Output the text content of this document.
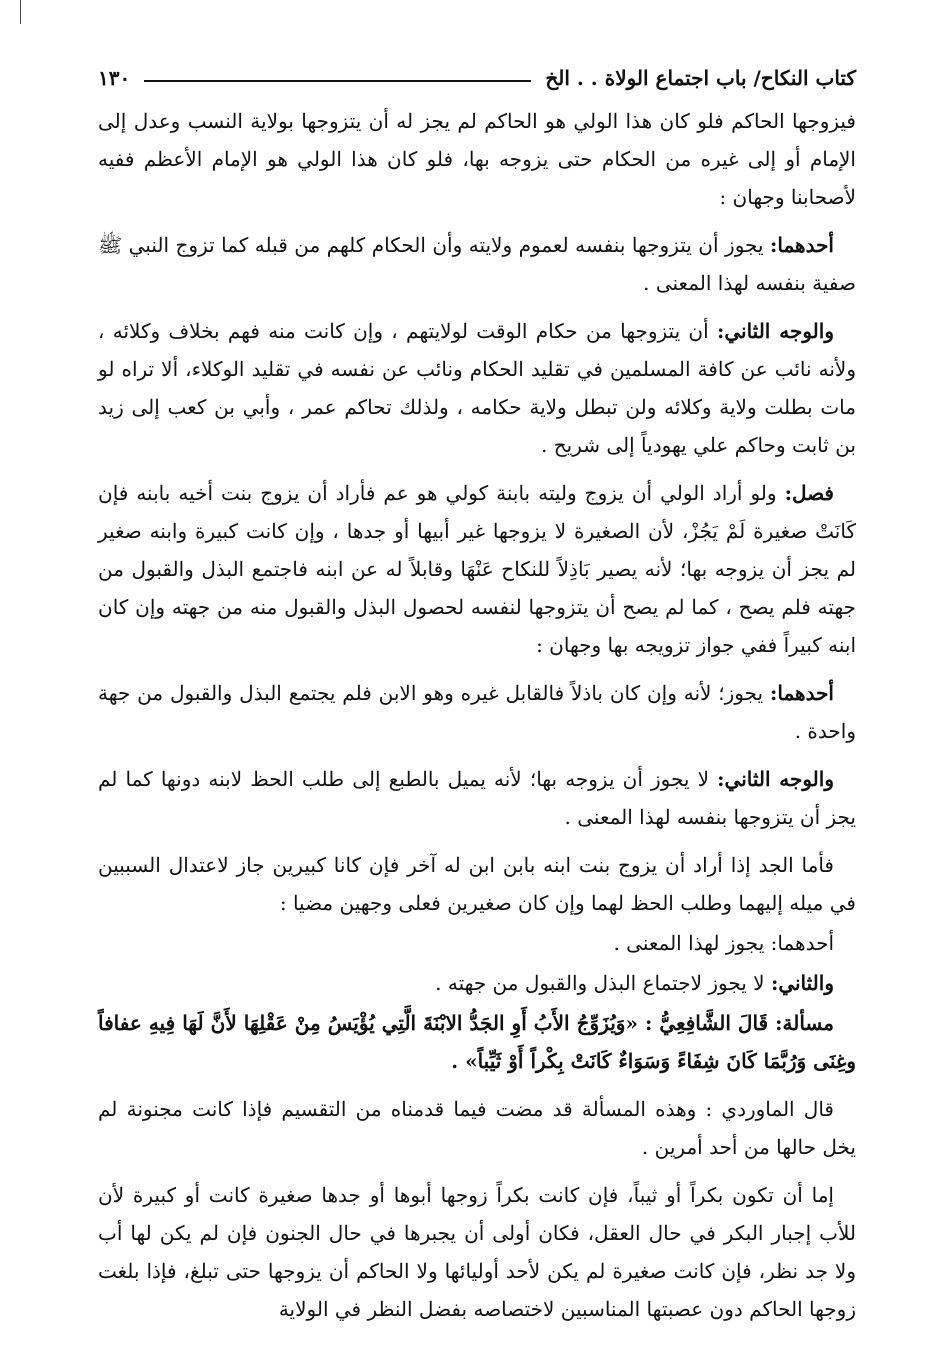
كتاب النكاح/ باب اجتماع الولاة . . الخ
١٣٠

فيزوجها الحاكم فلو كان هذا الولي هو الحاكم لم يجز له أن يتزوجها بولاية النسب وعدل إلى الإمام أو إلى غيره من الحكام حتى يزوجه بها، فلو كان هذا الولي هو الإمام الأعظم ففيه لأصحابنا وجهان :

أحدهما: يجوز أن يتزوجها بنفسه لعموم ولايته وأن الحكام كلهم من قبله كما تزوج النبي ﷺ صفية بنفسه لهذا المعنى .

والوجه الثاني: أن يتزوجها من حكام الوقت لولايتهم ، وإن كانت منه فهم بخلاف وكلائه ، ولأنه نائب عن كافة المسلمين في تقليد الحكام ونائب عن نفسه في تقليد الوكلاء، ألا تراه لو مات بطلت ولاية وكلائه ولن تبطل ولاية حكامه ، ولذلك تحاكم عمر ، وأبي بن كعب إلى زيد بن ثابت وحاكم علي يهودياً إلى شريح .

فصل: ولو أراد الولي أن يزوج وليته بابنة كولي هو عم فأراد أن يزوج بنت أخيه بابنه فإن كَانَتْ صغيرة لَمْ يَجُزْ، لأن الصغيرة لا يزوجها غير أبيها أو جدها ، وإن كانت كبيرة وابنه صغير لم يجز أن يزوجه بها؛ لأنه يصير بَاذِلاً للنكاح عَنْهَا وقابلاً له عن ابنه فاجتمع البذل والقبول من جهته فلم يصح ، كما لم يصح أن يتزوجها لنفسه لحصول البذل والقبول منه من جهته وإن كان ابنه كبيراً ففي جواز تزويجه بها وجهان :

أحدهما: يجوز؛ لأنه وإن كان باذلاً فالقابل غيره وهو الابن فلم يجتمع البذل والقبول من جهة واحدة .

والوجه الثاني: لا يجوز أن يزوجه بها؛ لأنه يميل بالطبع إلى طلب الحظ لابنه دونها كما لم يجز أن يتزوجها بنفسه لهذا المعنى .

فأما الجد إذا أراد أن يزوج بنت ابنه بابن ابن له آخر فإن كانا كبيرين جاز لاعتدال السببين في ميله إليهما وطلب الحظ لهما وإن كان صغيرين فعلى وجهين مضيا :

أحدهما: يجوز لهذا المعنى .

والثاني: لا يجوز لاجتماع البذل والقبول من جهته .

مسألة: قَالَ الشَّافِعِيُّ : «وَيُزَوِّجُ الأَبُ أَوِ الجَدُّ الابْنَةَ الَّتِي يُؤْيَسُ مِنْ عَقْلِهَا لأَنَّ لَهَا فِيهِ عفافاً وغِنَى وَرُبَّمَا كَانَ شِفَاءً وَسَوَاءٌ كَانَتْ بِكْراً أَوْ ثَيِّباً» .

قال الماوردي : وهذه المسألة قد مضت فيما قدمناه من التقسيم فإذا كانت مجنونة لم يخل حالها من أحد أمرين .

إما أن تكون بكراً أو ثيباً، فإن كانت بكراً زوجها أبوها أو جدها صغيرة كانت أو كبيرة لأن للأب إجبار البكر في حال العقل، فكان أولى أن يجبرها في حال الجنون فإن لم يكن لها أب ولا جد نظر، فإن كانت صغيرة لم يكن لأحد أوليائها ولا الحاكم أن يزوجها حتى تبلغ، فإذا بلغت زوجها الحاكم دون عصبتها المناسبين لاختصاصه بفضل النظر في الولاية
